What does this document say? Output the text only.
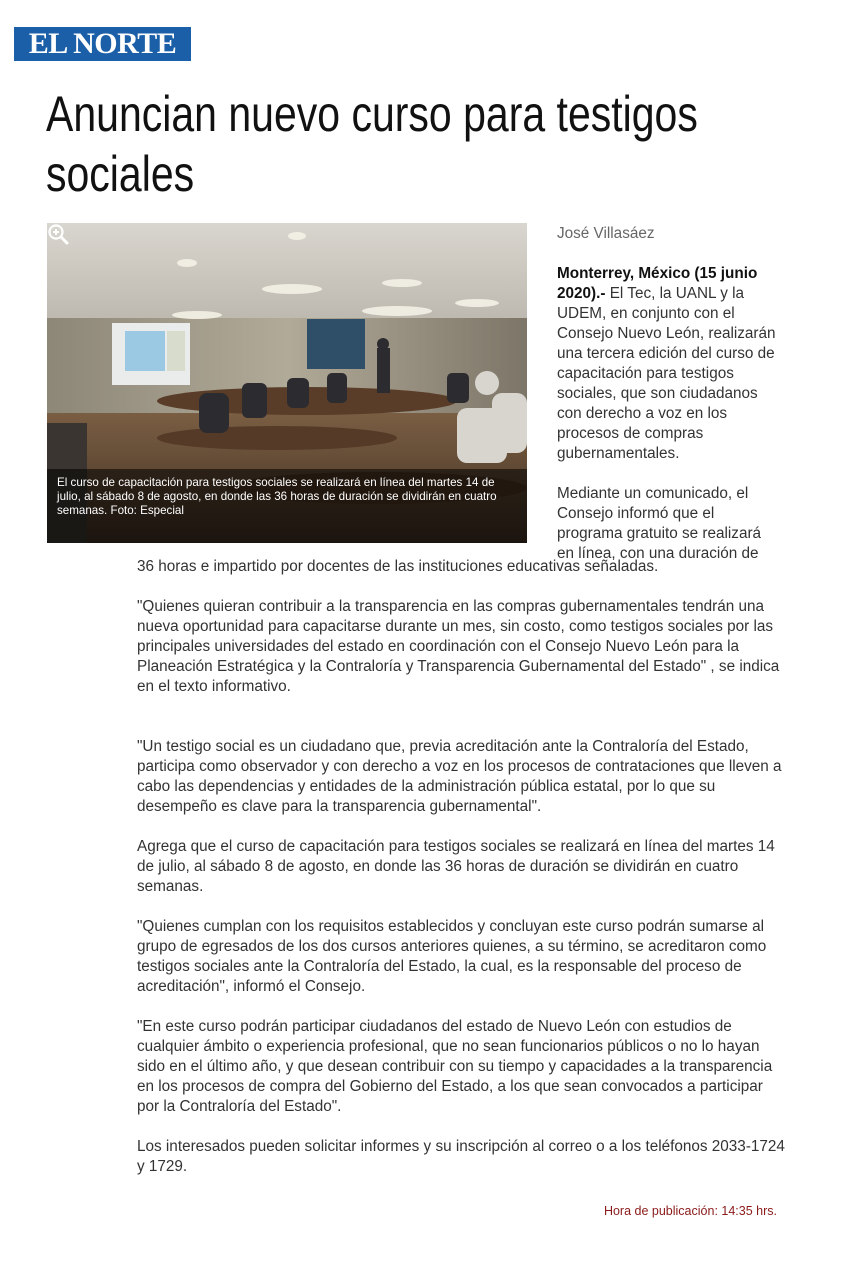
EL NORTE
Anuncian nuevo curso para testigos
sociales
El curso de capacitación para testigos sociales se realizará en línea del martes 14 de julio, al sábado 8 de agosto, en donde las 36 horas de duración se dividirán en cuatro semanas. Foto: Especial

José Villasáez

Monterrey, México (15 junio 2020).- El Tec, la UANL y la UDEM, en conjunto con el Consejo Nuevo León, realizarán una tercera edición del curso de capacitación para testigos sociales, que son ciudadanos con derecho a voz en los procesos de compras gubernamentales.

Mediante un comunicado, el Consejo informó que el programa gratuito se realizará en línea, con una duración de

36 horas e impartido por docentes de las instituciones educativas señaladas.

"Quienes quieran contribuir a la transparencia en las compras gubernamentales tendrán una nueva oportunidad para capacitarse durante un mes, sin costo, como testigos sociales por las principales universidades del estado en coordinación con el Consejo Nuevo León para la Planeación Estratégica y la Contraloría y Transparencia Gubernamental del Estado" , se indica en el texto informativo.

"Un testigo social es un ciudadano que, previa acreditación ante la Contraloría del Estado, participa como observador y con derecho a voz en los procesos de contrataciones que lleven a cabo las dependencias y entidades de la administración pública estatal, por lo que su desempeño es clave para la transparencia gubernamental".

Agrega que el curso de capacitación para testigos sociales se realizará en línea del martes 14 de julio, al sábado 8 de agosto, en donde las 36 horas de duración se dividirán en cuatro semanas.

"Quienes cumplan con los requisitos establecidos y concluyan este curso podrán sumarse al grupo de egresados de los dos cursos anteriores quienes, a su término, se acreditaron como testigos sociales ante la Contraloría del Estado, la cual, es la responsable del proceso de acreditación", informó el Consejo.

"En este curso podrán participar ciudadanos del estado de Nuevo León con estudios de cualquier ámbito o experiencia profesional, que no sean funcionarios públicos o no lo hayan sido en el último año, y que desean contribuir con su tiempo y capacidades a la transparencia en los procesos de compra del Gobierno del Estado, a los que sean convocados a participar por la Contraloría del Estado".

Los interesados pueden solicitar informes y su inscripción al correo o a los teléfonos 2033-1724 y 1729.

Hora de publicación: 14:35 hrs.
